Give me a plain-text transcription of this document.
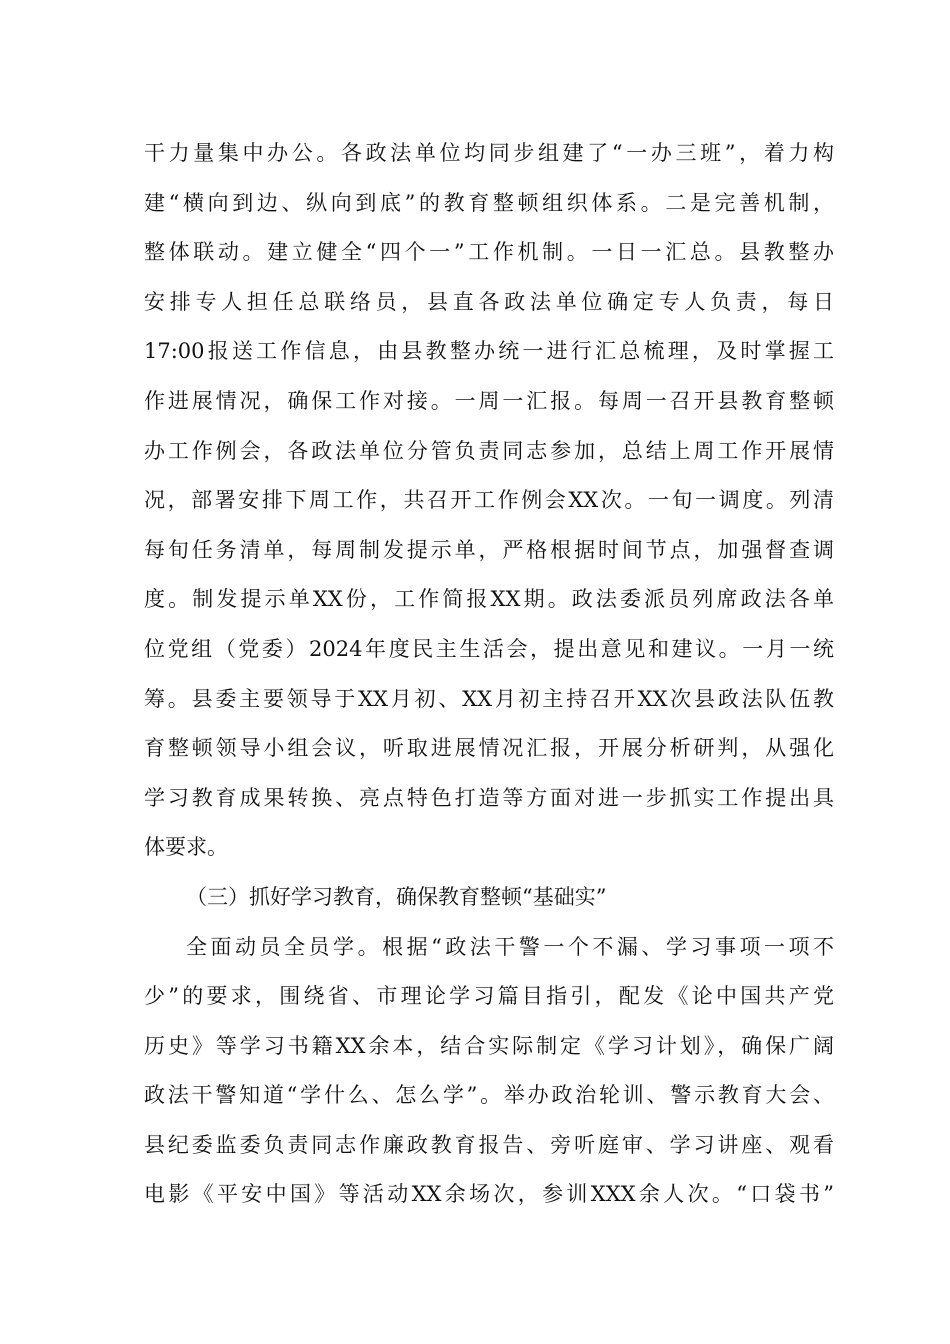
干力量集中办公。各政法单位均同步组建了“一办三班”，着力构
建“横向到边、纵向到底”的教育整顿组织体系。二是完善机制，
整体联动。建立健全“四个一”工作机制。一日一汇总。县教整办
安排专人担任总联络员，县直各政法单位确定专人负责，每日
17:00报送工作信息，由县教整办统一进行汇总梳理，及时掌握工
作进展情况，确保工作对接。一周一汇报。每周一召开县教育整顿
办工作例会，各政法单位分管负责同志参加，总结上周工作开展情
况，部署安排下周工作，共召开工作例会XX次。一旬一调度。列清
每旬任务清单，每周制发提示单，严格根据时间节点，加强督查调
度。制发提示单XX份，工作简报XX期。政法委派员列席政法各单
位党组（党委）2024年度民主生活会，提出意见和建议。一月一统
筹。县委主要领导于XX月初、XX月初主持召开XX次县政法队伍教
育整顿领导小组会议，听取进展情况汇报，开展分析研判，从强化
学习教育成果转换、亮点特色打造等方面对进一步抓实工作提出具
体要求。
（三）抓好学习教育，确保教育整顿“基础实”
全面动员全员学。根据“政法干警一个不漏、学习事项一项不
少”的要求，围绕省、市理论学习篇目指引，配发《论中国共产党
历史》等学习书籍XX余本，结合实际制定《学习计划》，确保广阔
政法干警知道“学什么、怎么学”。举办政治轮训、警示教育大会、
县纪委监委负责同志作廉政教育报告、旁听庭审、学习讲座、观看
电影《平安中国》等活动XX余场次，参训XXX余人次。“口袋书”
